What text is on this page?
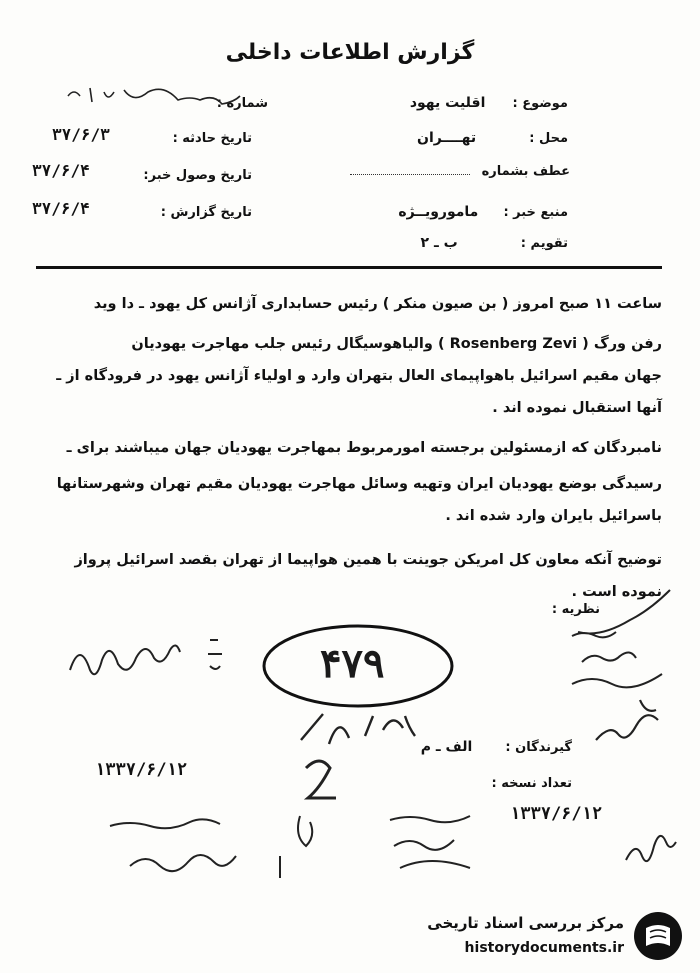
گزارش اطلاعات داخلی
موضوع : اقلیت یهود
محل : تهــــران
عطف بشماره
منبع خبر : مامورویــژه
تقویم : ب ـ ۲
شماره :
تاریخ حادثه :
۳۷/۶/۳
تاریخ وصول خبر:
۳۷/۶/۴
تاریخ گزارش :
۳۷/۶/۴
ساعت ۱۱ صبح امروز ( بن صیون منکر ) رئیس حسابداری آژانس کل یهود ـ دا وید
رفن ورگ ( Rosenberg Zevi ) والیاهوسیگال رئیس جلب مهاجرت یهودیان
جهان مقیم اسرائیل باهواپیمای العال بتهران وارد و اولیاء آژانس یهود در فرودگاه از ـ
آنها استقبال نموده اند .
نامبردگان که ازمسئولین برجسته امورمربوط بمهاجرت یهودیان جهان میباشند برای ـ
رسیدگی بوضع یهودیان ایران وتهیه وسائل مهاجرت یهودیان مقیم تهران وشهرستانها
باسرائیل بایران وارد شده اند .
توضیح آنکه معاون کل امریکن جوینت با همین هواپیما از تهران بقصد اسرائیل پرواز
نموده است .
نظریه :
۴۷۹
گیرندگان : الف ـ م
تعداد نسخه :
۱۳۳۷/۶/۱۲
۱۳۳۷/۶/۱۲
مرکز بررسی اسناد تاریخی
historydocuments.ir
